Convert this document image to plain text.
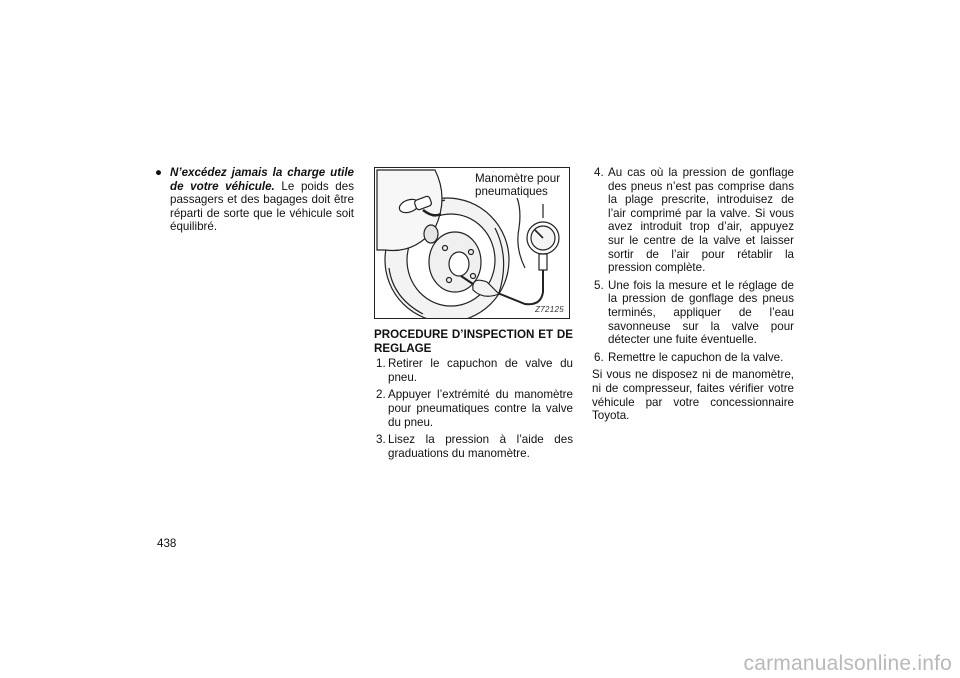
● N’excédez jamais la charge utile de votre véhicule. Le poids des passagers et des bagages doit être réparti de sorte que le véhicule soit équilibré.
Manomètre pour pneumatiques
Z72125
PROCEDURE D’INSPECTION ET DE REGLAGE
1. Retirer le capuchon de valve du pneu.
2. Appuyer l’extrémité du manomètre pour pneumatiques contre la valve du pneu.
3. Lisez la pression à l’aide des graduations du manomètre.
4. Au cas où la pression de gonflage des pneus n’est pas comprise dans la plage prescrite, introduisez de l’air comprimé par la valve. Si vous avez introduit trop d’air, appuyez sur le centre de la valve et laisser sortir de l’air pour rétablir la pression complète.
5. Une fois la mesure et le réglage de la pression de gonflage des pneus terminés, appliquer de l’eau savonneuse sur la valve pour détecter une fuite éventuelle.
6. Remettre le capuchon de la valve.
Si vous ne disposez ni de manomètre, ni de compresseur, faites vérifier votre véhicule par votre concessionnaire Toyota.
438
carmanualsonline.info
